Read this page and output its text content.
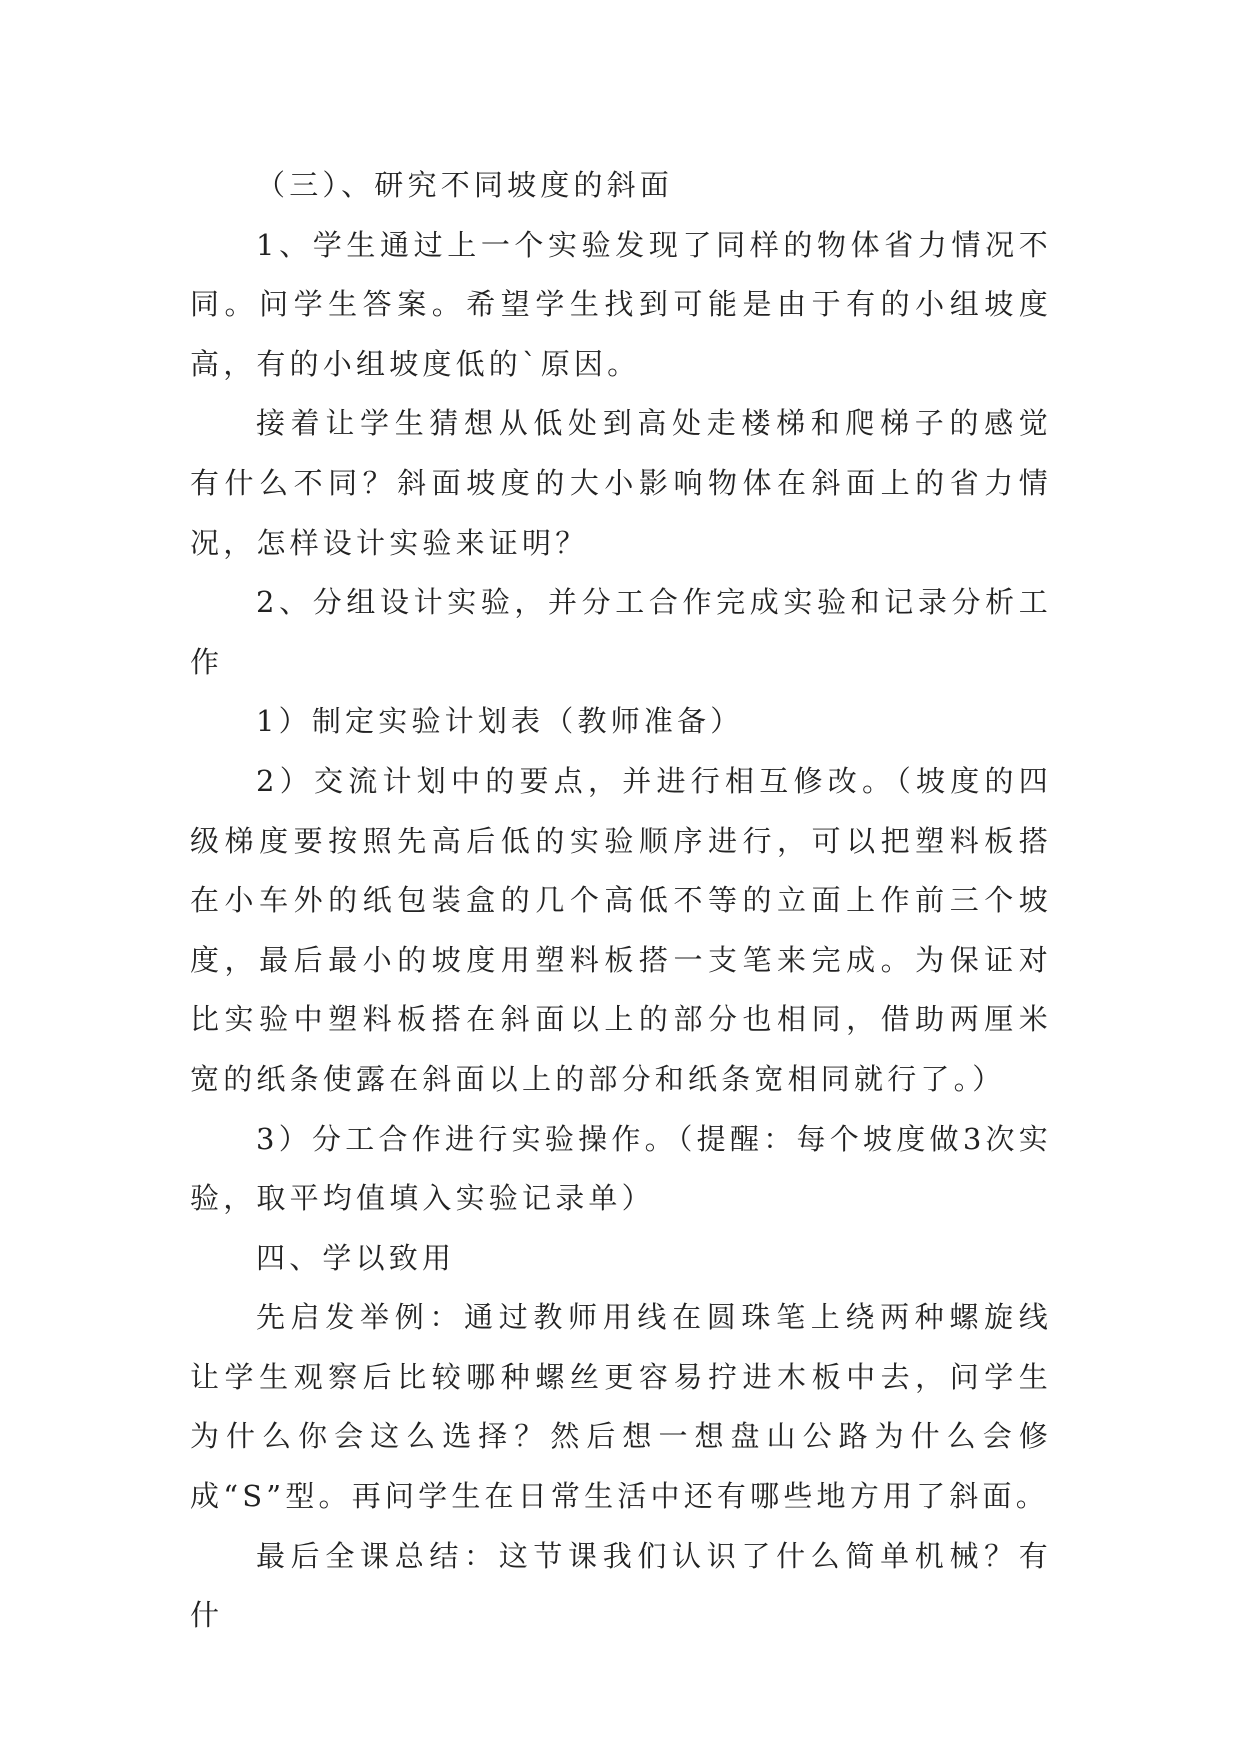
（三）、研究不同坡度的斜面

1、学生通过上一个实验发现了同样的物体省力情况不同。问学生答案。希望学生找到可能是由于有的小组坡度高，有的小组坡度低的`原因。

接着让学生猜想从低处到高处走楼梯和爬梯子的感觉有什么不同？斜面坡度的大小影响物体在斜面上的省力情况，怎样设计实验来证明？

2、分组设计实验，并分工合作完成实验和记录分析工作

1）制定实验计划表（教师准备）

2）交流计划中的要点，并进行相互修改。（坡度的四级梯度要按照先高后低的实验顺序进行，可以把塑料板搭在小车外的纸包装盒的几个高低不等的立面上作前三个坡度，最后最小的坡度用塑料板搭一支笔来完成。为保证对比实验中塑料板搭在斜面以上的部分也相同，借助两厘米宽的纸条使露在斜面以上的部分和纸条宽相同就行了。）

3）分工合作进行实验操作。（提醒：每个坡度做3次实验，取平均值填入实验记录单）

四、学以致用

先启发举例：通过教师用线在圆珠笔上绕两种螺旋线让学生观察后比较哪种螺丝更容易拧进木板中去，问学生为什么你会这么选择？然后想一想盘山公路为什么会修成“S”型。再问学生在日常生活中还有哪些地方用了斜面。

最后全课总结：这节课我们认识了什么简单机械？有什
